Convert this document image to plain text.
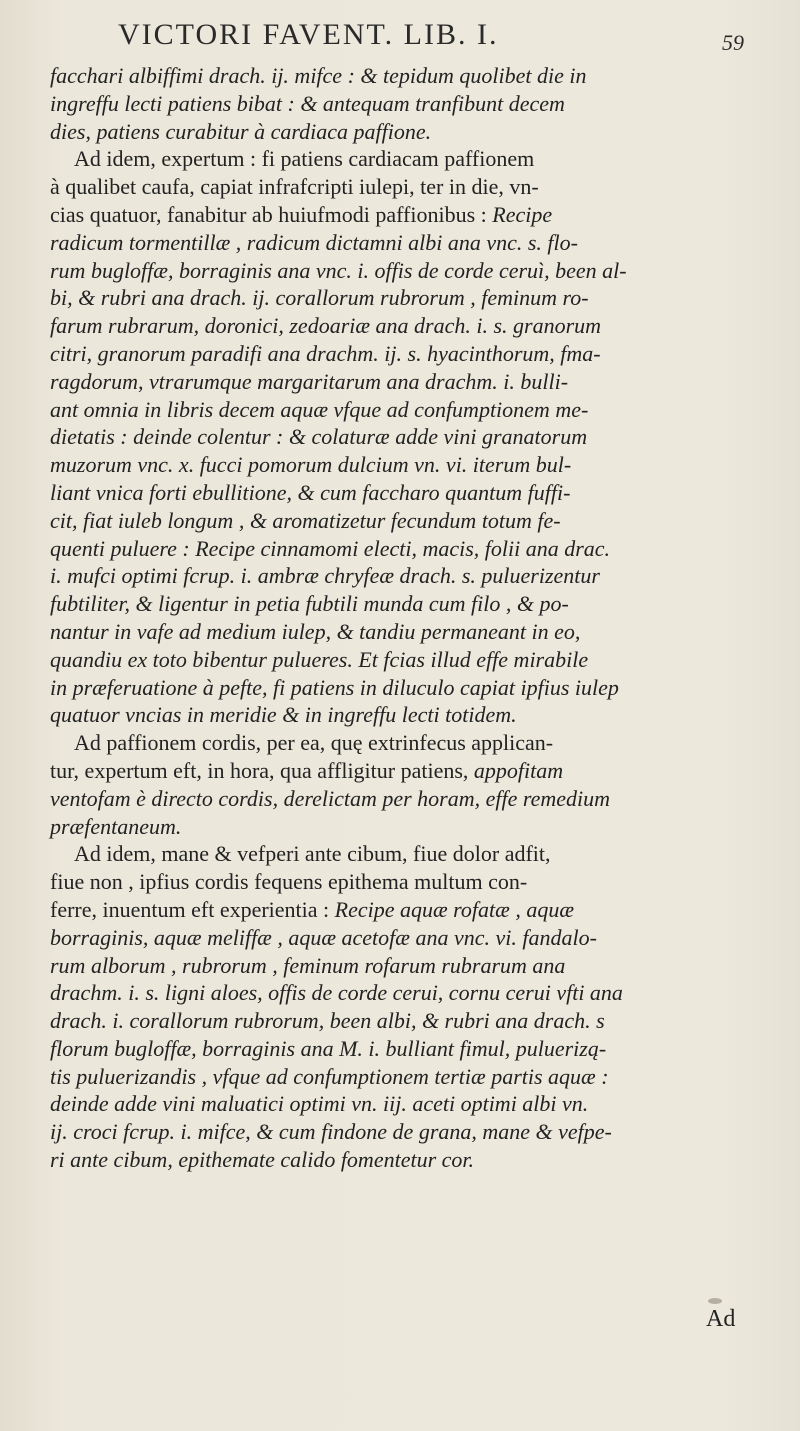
VICTORI FAVENT. LIB. I.	59
facchari albiffimi drach. ij. mifce : & tepidum quolibet die in
ingreffu lecti patiens bibat : & antequam tranfibunt decem
dies, patiens curabitur à cardiaca paffione.
Ad idem, expertum : fi patiens cardiacam paffionem
à qualibet caufa, capiat infrafcripti iulepi, ter in die, vn-
cias quatuor, fanabitur ab huiufmodi paffionibus : Recipe
radicum tormentillæ , radicum dictamni albi ana vnc. s. flo-
rum bugloffæ, borraginis ana vnc. i. offis de corde ceruì, been al-
bi, & rubri ana drach. ij. corallorum rubrorum , feminum ro-
farum rubrarum, doronici, zedoariæ ana drach. i. s. granorum
citri, granorum paradifi ana drachm. ij. s. hyacinthorum, fma-
ragdorum, vtrarumque margaritarum ana drachm. i. bulli-
ant omnia in libris decem aquæ vfque ad confumptionem me-
dietatis : deinde colentur : & colaturæ adde vini granatorum
muzorum vnc. x. fucci pomorum dulcium vn. vi. iterum bul-
liant vnica forti ebullitione, & cum faccharo quantum fuffi-
cit, fiat iuleb longum , & aromatizetur fecundum totum fe-
quenti puluere : Recipe cinnamomi electi, macis, folii ana drac.
i. mufci optimi fcrup. i. ambræ chryfeæ drach. s. puluerizentur
fubtiliter, & ligentur in petia fubtili munda cum filo , & po-
nantur in vafe ad medium iulep, & tandiu permaneant in eo,
quandiu ex toto bibentur pulueres. Et fcias illud effe mirabile
in præferuatione à pefte, fi patiens in diluculo capiat ipfius iulep
quatuor vncias in meridie & in ingreffu lecti totidem.
Ad paffionem cordis, per ea, quę extrinfecus applican-
tur, expertum eft, in hora, qua affligitur patiens, appofitam
ventofam è directo cordis, derelictam per horam, effe remedium
præfentaneum.
Ad idem, mane & vefperi ante cibum, fiue dolor adfit,
fiue non , ipfius cordis fequens epithema multum con-
ferre, inuentum eft experientia : Recipe aquæ rofatæ , aquæ
borraginis, aquæ meliffæ , aquæ acetofæ ana vnc. vi. fandalo-
rum alborum , rubrorum , feminum rofarum rubrarum ana
drachm. i. s. ligni aloes, offis de corde cerui, cornu cerui vfti ana
drach. i. corallorum rubrorum, been albi, & rubri ana drach. s
florum bugloffæ, borraginis ana M. i. bulliant fimul, puluerizą-
tis puluerizandis , vfque ad confumptionem tertiæ partis aquæ :
deinde adde vini maluatici optimi vn. iij. aceti optimi albi vn.
ij. croci fcrup. i. mifce, & cum findone de grana, mane & vefpe-
ri ante cibum, epithemate calido fomentetur cor.
Ad
